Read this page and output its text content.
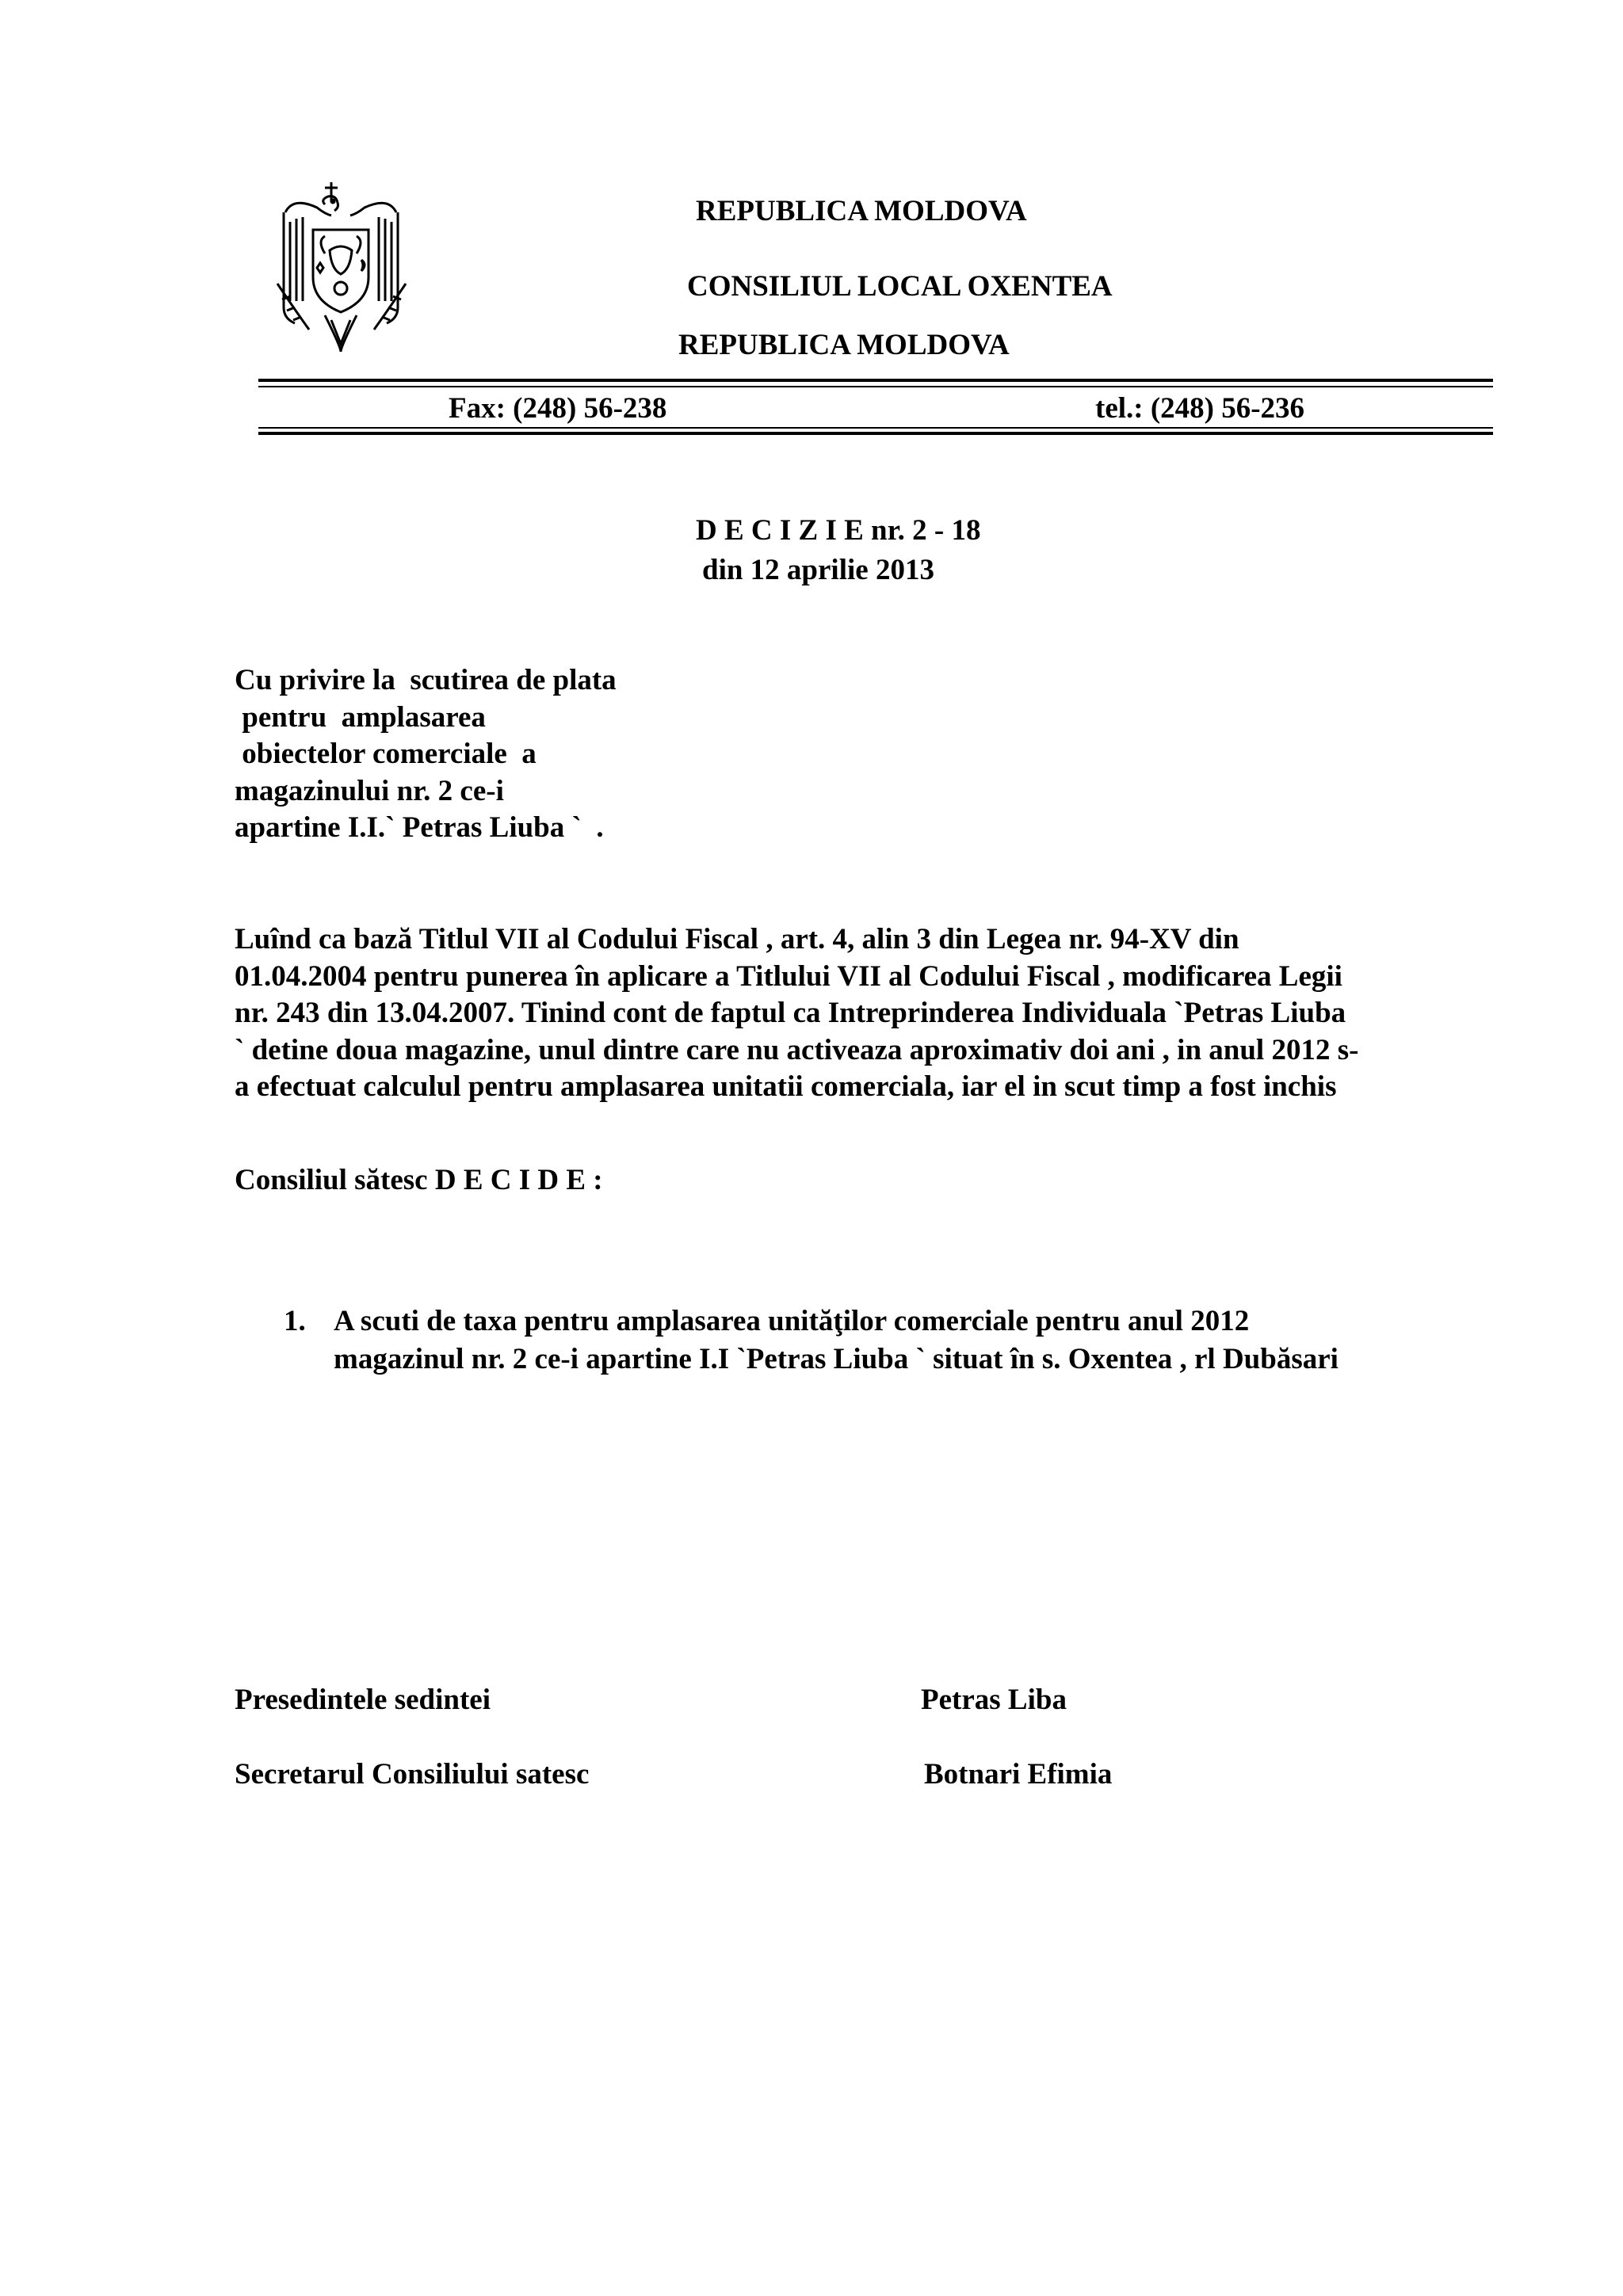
REPUBLICA MOLDOVA
CONSILIUL LOCAL OXENTEA
REPUBLICA MOLDOVA
Fax: (248) 56-238	tel.: (248) 56-236
D E C I Z I E nr. 2 - 18
din 12 aprilie 2013
Cu privire la  scutirea de plata
pentru  amplasarea
obiectelor comerciale  a
magazinului nr. 2 ce-i
apartine I.I.` Petras Liuba `  .
Luînd ca bază Titlul VII al Codului Fiscal , art. 4, alin 3 din Legea nr. 94-XV din
01.04.2004 pentru punerea în aplicare a Titlului VII al Codului Fiscal , modificarea Legii
nr. 243 din 13.04.2007. Tinind cont de faptul ca Intreprinderea Individuala `Petras Liuba
` detine doua magazine, unul dintre care nu activeaza aproximativ doi ani , in anul 2012 s-
a efectuat calculul pentru amplasarea unitatii comerciala, iar el in scut timp a fost inchis
Consiliul sătesc D E C I D E :
1. A scuti de taxa pentru amplasarea unităţilor comerciale pentru anul 2012
magazinul nr. 2 ce-i apartine I.I `Petras Liuba ` situat în s. Oxentea , rl Dubăsari
Presedintele sedintei	Petras Liba
Secretarul Consiliului satesc	Botnari Efimia
